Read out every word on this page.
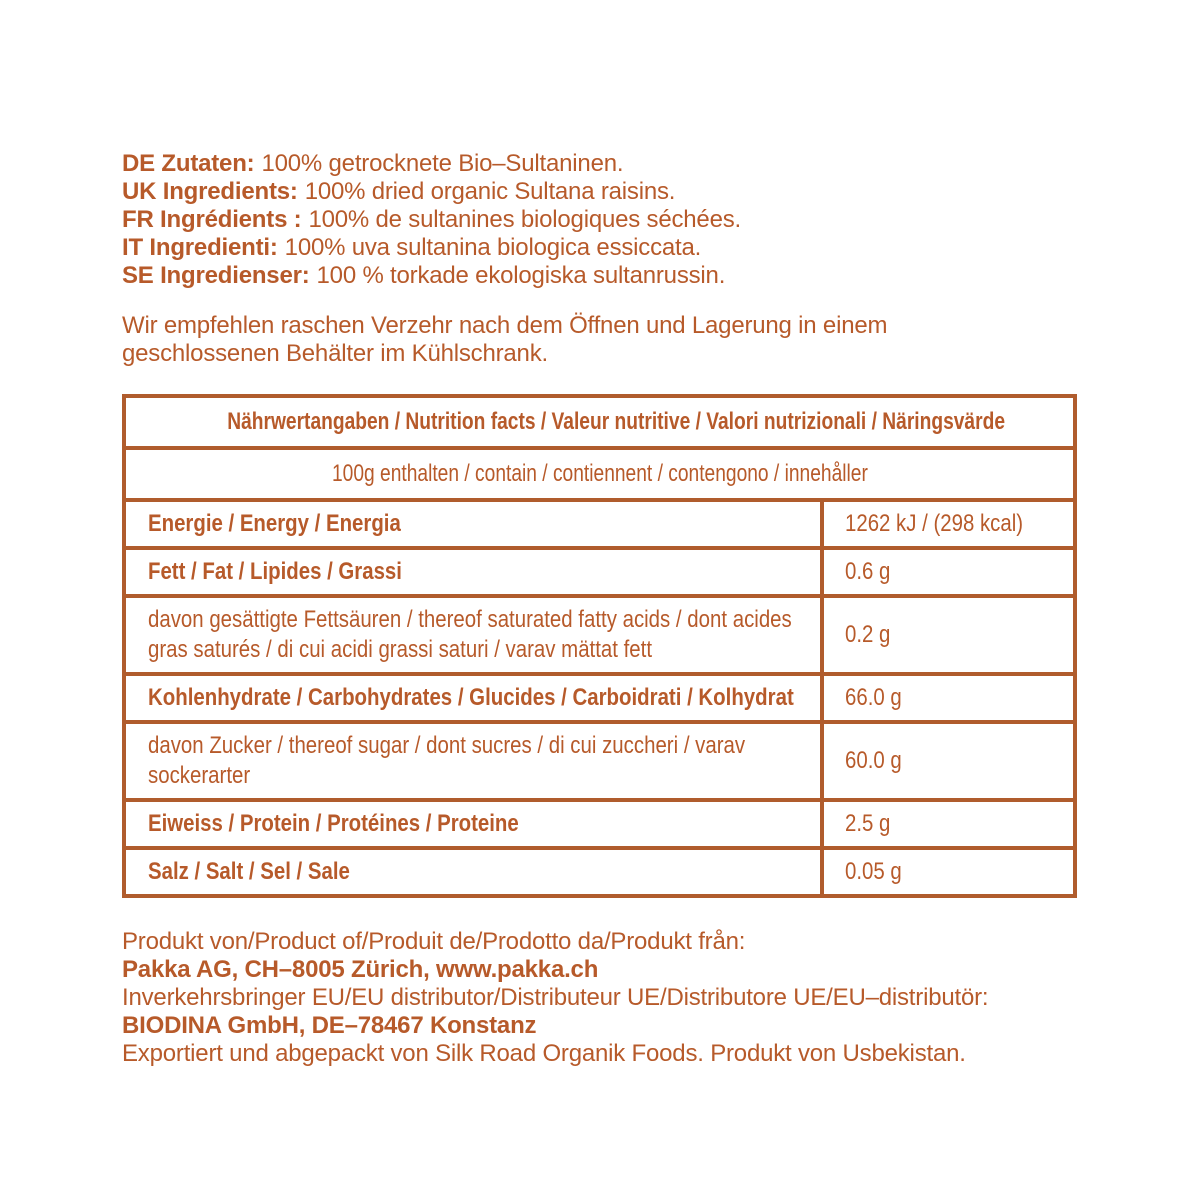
DE Zutaten: 100% getrocknete Bio–Sultaninen.

UK Ingredients: 100% dried organic Sultana raisins.

FR Ingrédients : 100% de sultanines biologiques séchées.

IT Ingredienti: 100% uva sultanina biologica essiccata.

SE Ingredienser: 100 % torkade ekologiska sultanrussin.

Wir empfehlen raschen Verzehr nach dem Öffnen und Lagerung in einem geschlossenen Behälter im Kühlschrank.

Nährwertangaben / Nutrition facts / Valeur nutritive / Valori nutrizionali / Näringsvärde	
100g enthalten / contain / contiennent / contengono / innehåller	
Energie / Energy / Energia	1262 kJ / (298 kcal)
Fett / Fat / Lipides / Grassi	0.6 g

davon gesättigte Fettsäuren / thereof saturated fatty acids / dont acides gras saturés / di cui acidi grassi saturi / varav mättat fett	0.2 g

Kohlenhydrate / Carbohydrates / Glucides / Carboidrati / Kolhydrat	66.0 g

davon Zucker / thereof sugar / dont sucres / di cui zuccheri / varav sockerarter	60.0 g
Eiweiss / Protein / Protéines / Proteine	2.5 g
Salz / Salt / Sel / Sale	0.05 g

Produkt von/Product of/Produit de/Prodotto da/Produkt från:

Pakka AG, CH–8005 Zürich, www.pakka.ch

Inverkehrsbringer EU/EU distributor/Distributeur UE/Distributore UE/EU–distributör:

BIODINA GmbH, DE–78467 Konstanz

Exportiert und abgepackt von Silk Road Organik Foods. Produkt von Usbekistan.
